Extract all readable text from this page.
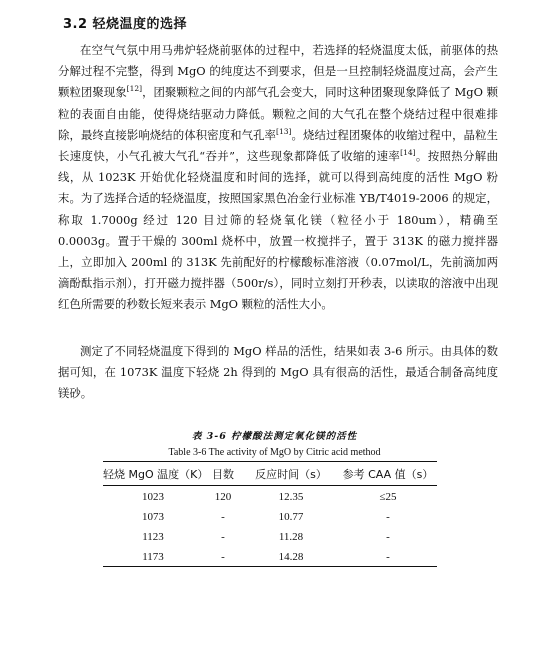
3.2 轻烧温度的选择
在空气气氛中用马弗炉轻烧前驱体的过程中，若选择的轻烧温度太低，前驱体的热分解过程不完整，得到 MgO 的纯度达不到要求，但是一旦控制轻烧温度过高，会产生颗粒团聚现象[12]，团聚颗粒之间的内部气孔会变大，同时这种团聚现象降低了 MgO 颗粒的表面自由能，使得烧结驱动力降低。颗粒之间的大气孔在整个烧结过程中很难排除，最终直接影响烧结的体积密度和气孔率[13]。烧结过程团聚体的收缩过程中，晶粒生长速度快，小气孔被大气孔“吞并”，这些现象都降低了收缩的速率[14]。按照热分解曲线，从 1023K 开始优化轻烧温度和时间的选择，就可以得到高纯度的活性 MgO 粉末。为了选择合适的轻烧温度，按照国家黑色冶金行业标准 YB/T4019-2006 的规定，称取 1.7000g 经过 120 目过筛的轻烧氧化镁（粒径小于 180um），精确至 0.0003g。置于干燥的 300ml 烧杯中，放置一枚搅拌子，置于 313K 的磁力搅拌器上，立即加入 200ml 的 313K 先前配好的柠檬酸标准溶液（0.07mol/L，先前滴加两滴酚酞指示剂），打开磁力搅拌器（500r/s），同时立刻打开秒表，以读取的溶液中出现红色所需要的秒数长短来表示 MgO 颗粒的活性大小。
测定了不同轻烧温度下得到的 MgO 样品的活性，结果如表 3-6 所示。由具体的数据可知，在 1073K 温度下轻烧 2h 得到的 MgO 具有很高的活性，最适合制备高纯度镁砂。
表 3-6 柠檬酸法测定氧化镁的活性
Table 3-6 The activity of MgO by Citric acid method
轻烧 MgO 温度（K）	目数	反应时间（s）	参考 CAA 值（s）
1023	120	12.35	≤25
1073	-	10.77	-
1123	-	11.28	-
1173	-	14.28	-
